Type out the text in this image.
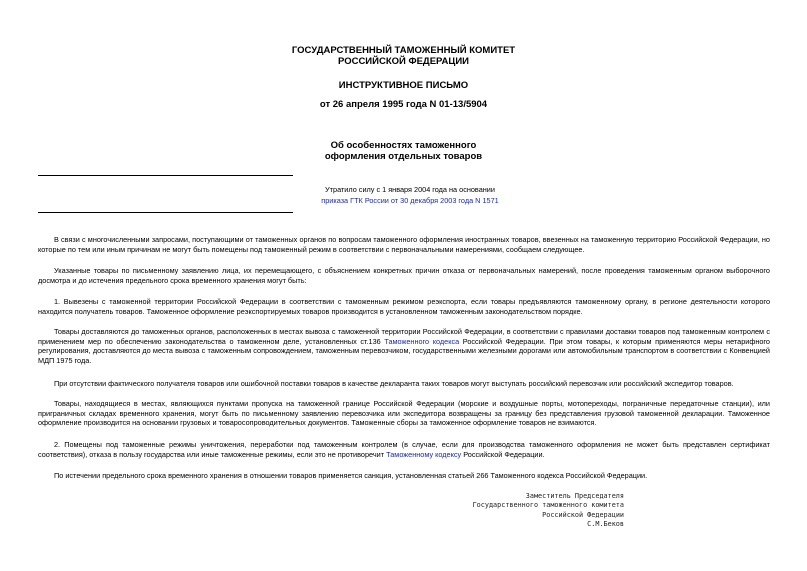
ГОСУДАРСТВЕННЫЙ ТАМОЖЕННЫЙ КОМИТЕТ
РОССИЙСКОЙ ФЕДЕРАЦИИ
ИНСТРУКТИВНОЕ ПИСЬМО
от 26 апреля 1995 года N 01-13/5904
Об особенностях таможенного
оформления отдельных товаров
Утратило силу с 1 января 2004 года на основании
приказа ГТК России от 30 декабря 2003 года N 1571

В связи с многочисленными запросами, поступающими от таможенных органов по вопросам таможенного оформления иностранных товаров, ввезенных на таможенную территорию Российской Федерации, но которые по тем или иным причинам не могут быть помещены под таможенный режим в соответствии с первоначальными намерениями, сообщаем следующее.

Указанные товары по письменному заявлению лица, их перемещающего, с объяснением конкретных причин отказа от первоначальных намерений, после проведения таможенным органом выборочного досмотра и до истечения предельного срока временного хранения могут быть:

1. Вывезены с таможенной территории Российской Федерации в соответствии с таможенным режимом реэкспорта, если товары предъявляются таможенному органу, в регионе деятельности которого находится получатель товаров. Таможенное оформление реэкспортируемых товаров производится в установленном таможенным законодательством порядке.

Товары доставляются до таможенных органов, расположенных в местах вывоза с таможенной территории Российской Федерации, в соответствии с правилами доставки товаров под таможенным контролем с применением мер по обеспечению законодательства о таможенном деле, установленных ст.136 Таможенного кодекса Российской Федерации. При этом товары, к которым применяются меры нетарифного регулирования, доставляются до места вывоза с таможенным сопровождением, таможенным перевозчиком, государственными железными дорогами или автомобильным транспортом в соответствии с Конвенцией МДП 1975 года.

При отсутствии фактического получателя товаров или ошибочной поставки товаров в качестве декларанта таких товаров могут выступать российский перевозчик или российский экспедитор товаров.

Товары, находящиеся в местах, являющихся пунктами пропуска на таможенной границе Российской Федерации (морские и воздушные порты, мотопереходы, пограничные передаточные станции), или приграничных складах временного хранения, могут быть по письменному заявлению перевозчика или экспедитора возвращены за границу без представления грузовой таможенной декларации. Таможенное оформление производится на основании грузовых и товаросопроводительных документов. Таможенные сборы за таможенное оформление товаров не взимаются.

2. Помещены под таможенные режимы уничтожения, переработки под таможенным контролем (в случае, если для производства таможенного оформления не может быть представлен сертификат соответствия), отказа в пользу государства или иные таможенные режимы, если это не противоречит Таможенному кодексу Российской Федерации.

По истечении предельного срока временного хранения в отношении товаров применяется санкция, установленная статьей 266 Таможенного кодекса Российской Федерации.

Заместитель Председателя
Государственного таможенного комитета
Российской Федерации
С.М.Беков
